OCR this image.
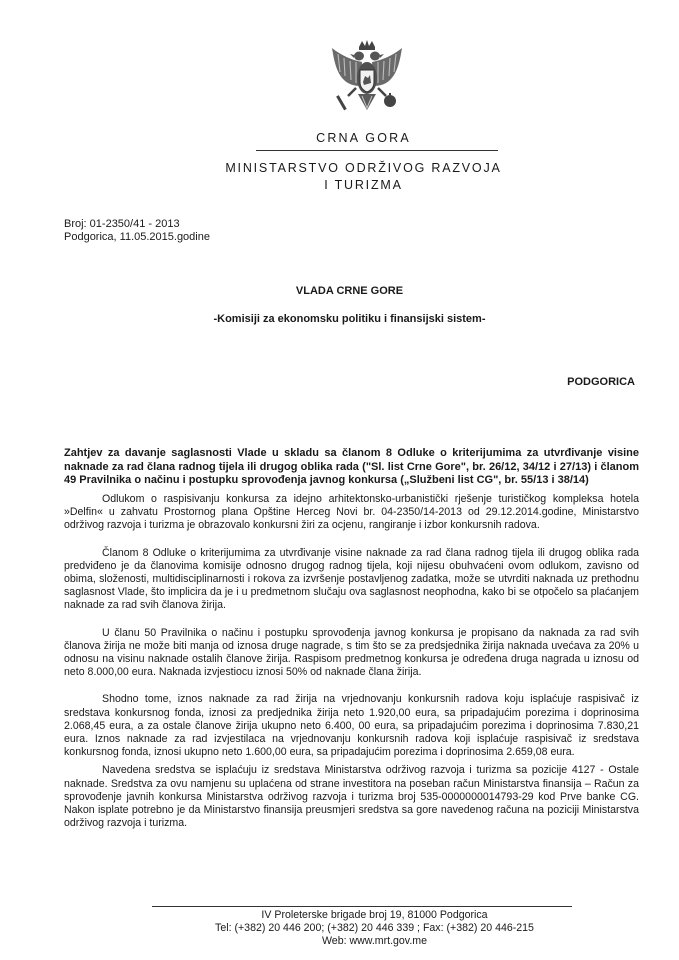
CRNA GORA
MINISTARSTVO ODRŽIVOG RAZVOJA
I TURIZMA
Broj: 01-2350/41 - 2013
Podgorica, 11.05.2015.godine
VLADA CRNE GORE
-Komisiji za ekonomsku politiku i finansijski sistem-
PODGORICA
Zahtjev za davanje saglasnosti Vlade u skladu sa članom 8 Odluke o kriterijumima za utvrđivanje visine naknade za rad člana radnog tijela ili drugog oblika rada ("Sl. list Crne Gore", br. 26/12, 34/12 i 27/13) i članom 49 Pravilnika o načinu i postupku sprovođenja javnog konkursa („Službeni list CG", br. 55/13 i 38/14)

Odlukom o raspisivanju konkursa za idejno arhitektonsko-urbanistički rješenje turističkog kompleksa hotela »Delfin« u zahvatu Prostornog plana Opštine Herceg Novi br. 04-2350/14-2013 od 29.12.2014.godine, Ministarstvo održivog razvoja i turizma je obrazovalo konkursni žiri za ocjenu, rangiranje i izbor konkursnih radova.

Članom 8 Odluke o kriterijumima za utvrđivanje visine naknade za rad člana radnog tijela ili drugog oblika rada predviđeno je da članovima komisije odnosno drugog radnog tijela, koji nijesu obuhvaćeni ovom odlukom, zavisno od obima, složenosti, multidisciplinarnosti i rokova za izvršenje postavljenog zadatka, može se utvrditi naknada uz prethodnu saglasnost Vlade, što implicira da je i u predmetnom slučaju ova saglasnost neophodna, kako bi se otpočelo sa plaćanjem naknade za rad svih članova žirija.

U članu 50 Pravilnika o načinu i postupku sprovođenja javnog konkursa je propisano da naknada za rad svih članova žirija ne može biti manja od iznosa druge nagrade, s tim što se za predsjednika žirija naknada uvećava za 20% u odnosu na visinu naknade ostalih članove žirija. Raspisom predmetnog konkursa je određena druga nagrada u iznosu od neto 8.000,00 eura. Naknada izvjestiocu iznosi 50% od naknade člana žirija.

Shodno tome, iznos naknade za rad žirija na vrjednovanju konkursnih radova koju isplaćuje raspisivač iz sredstava konkursnog fonda, iznosi za predjednika žirija neto 1.920,00 eura, sa pripadajućim porezima i doprinosima 2.068,45 eura, a za ostale članove žirija ukupno neto 6.400, 00 eura, sa pripadajućim porezima i doprinosima 7.830,21 eura. Iznos naknade za rad izvjestilaca na vrjednovanju konkursnih radova koji isplaćuje raspisivač iz sredstava konkursnog fonda, iznosi ukupno neto 1.600,00 eura, sa pripadajućim porezima i doprinosima 2.659,08 eura.

Navedena sredstva se isplaćuju iz sredstava Ministarstva održivog razvoja i turizma sa pozicije 4127 - Ostale naknade. Sredstva za ovu namjenu su uplaćena od strane investitora na poseban račun Ministarstva finansija – Račun za sprovođenje javnih konkursa Ministarstva održivog razvoja i turizma broj 535-0000000014793-29 kod Prve banke CG. Nakon isplate potrebno je da Ministarstvo finansija preusmjeri sredstva sa gore navedenog računa na poziciji Ministarstva održivog razvoja i turizma.

IV Proleterske brigade broj 19, 81000 Podgorica
Tel: (+382) 20 446 200; (+382) 20 446 339 ; Fax: (+382) 20 446-215
Web: www.mrt.gov.me
